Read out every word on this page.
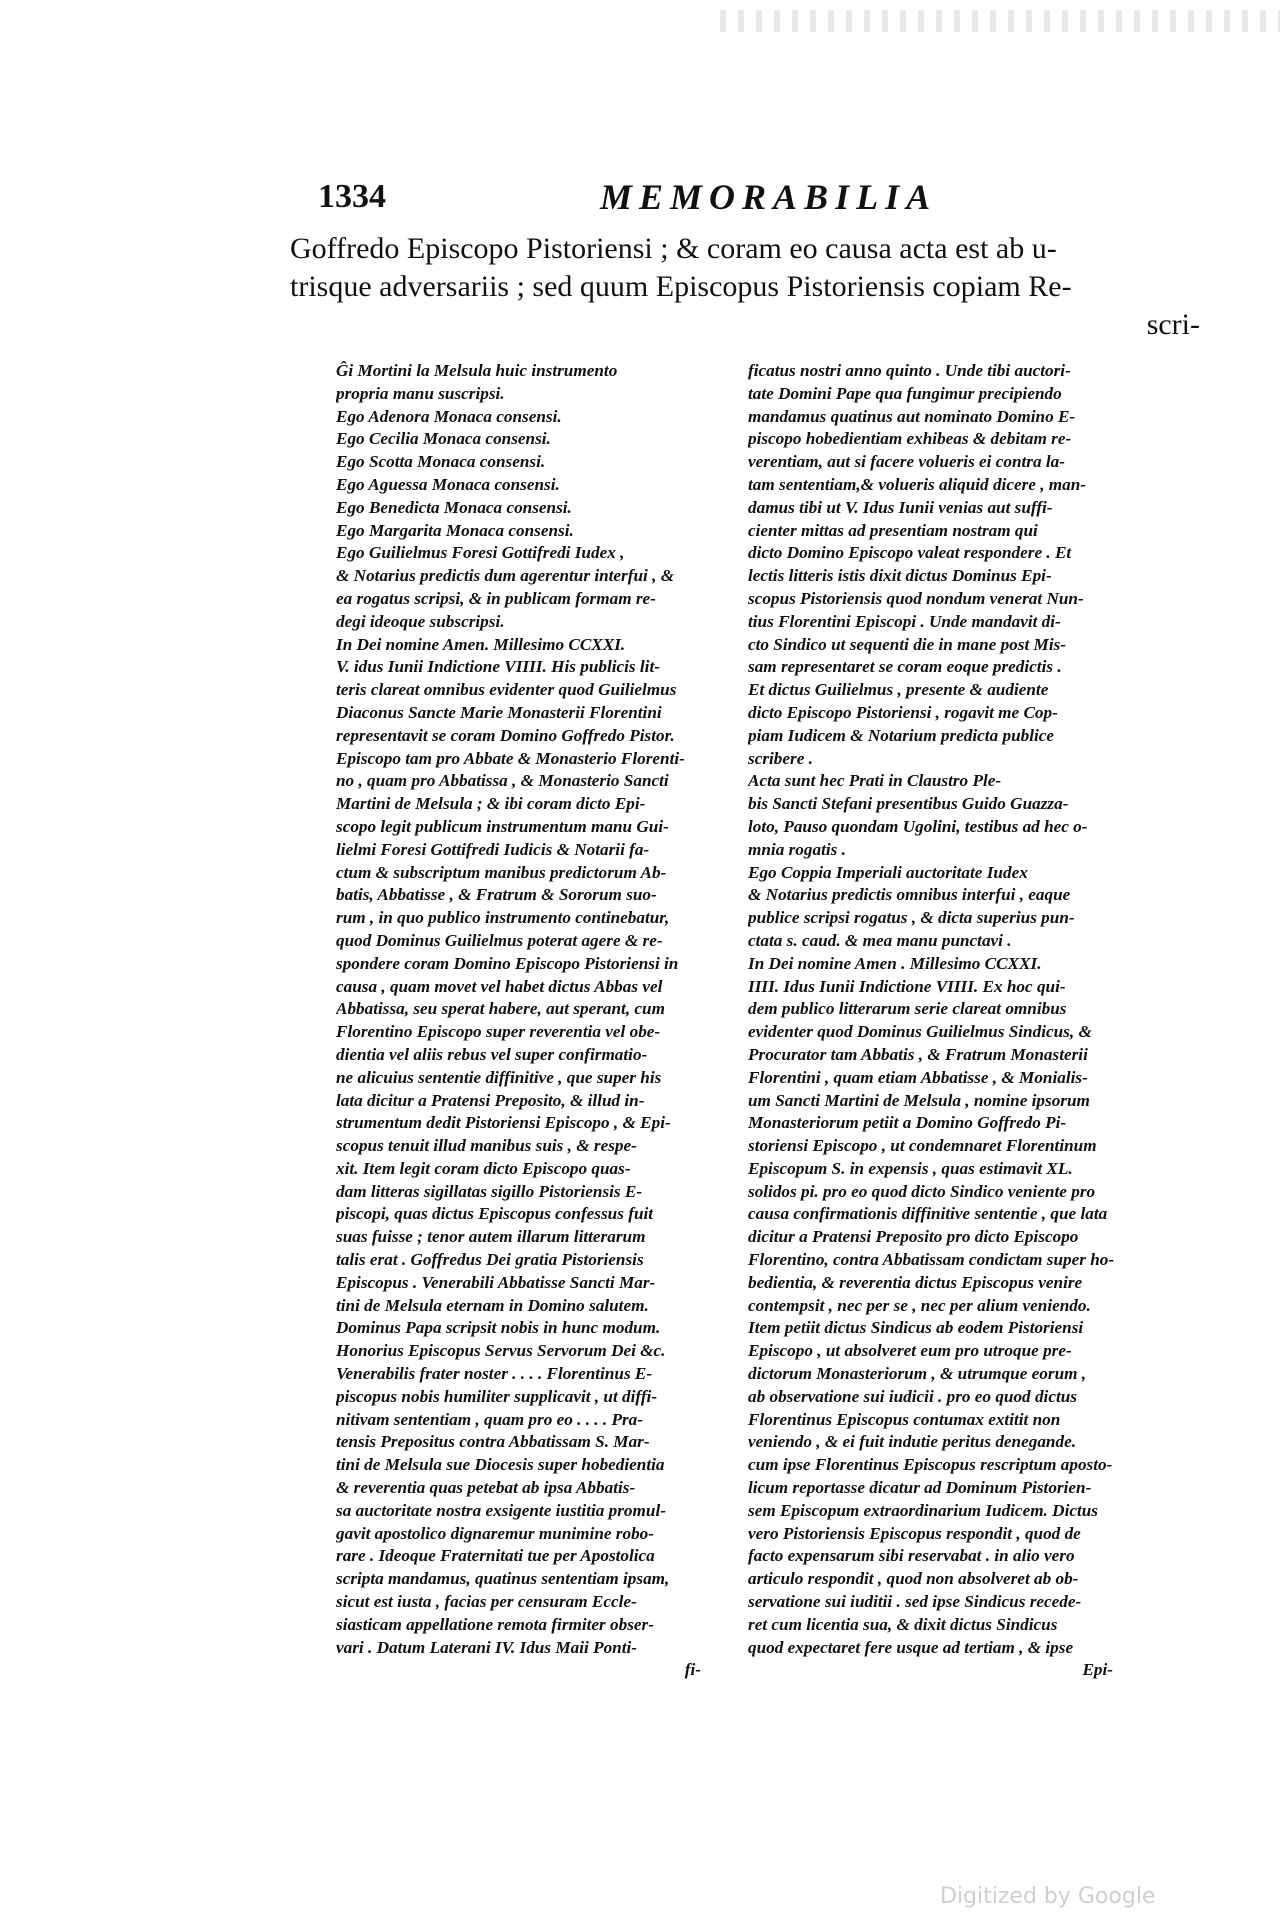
1334	MEMORABILIA
Goffredo Episcopo Pistoriensi ; & coram eo causa acta est ab u-
trisque adversariis ; sed quum Episcopus Pistoriensis copiam Re-
scri-
Ĝi Mortini la Melsula huic instrumento
propria manu suscripsi.
Ego Adenora Monaca consensi.
Ego Cecilia Monaca consensi.
Ego Scotta Monaca consensi.
Ego Aguessa Monaca consensi.
Ego Benedicta Monaca consensi.
Ego Margarita Monaca consensi.
Ego Guilielmus Foresi Gottifredi Iudex ,
& Notarius predictis dum agerentur interfui , &
ea rogatus scripsi, & in publicam formam re-
degi ideoque subscripsi.
In Dei nomine Amen. Millesimo CCXXI.
V. idus Iunii Indictione VIIII. His publicis lit-
teris clareat omnibus evidenter quod Guilielmus
Diaconus Sancte Marie Monasterii Florentini
representavit se coram Domino Goffredo Pistor.
Episcopo tam pro Abbate & Monasterio Florenti-
no , quam pro Abbatissa , & Monasterio Sancti
Martini de Melsula ; & ibi coram dicto Epi-
scopo legit publicum instrumentum manu Gui-
lielmi Foresi Gottifredi Iudicis & Notarii fa-
ctum & subscriptum manibus predictorum Ab-
batis, Abbatisse , & Fratrum & Sororum suo-
rum , in quo publico instrumento continebatur,
quod Dominus Guilielmus poterat agere & re-
spondere coram Domino Episcopo Pistoriensi in
causa , quam movet vel habet dictus Abbas vel
Abbatissa, seu sperat habere, aut sperant, cum
Florentino Episcopo super reverentia vel obe-
dientia vel aliis rebus vel super confirmatio-
ne alicuius sententie diffinitive , que super his
lata dicitur a Pratensi Preposito, & illud in-
strumentum dedit Pistoriensi Episcopo , & Epi-
scopus tenuit illud manibus suis , & respe-
xit. Item legit coram dicto Episcopo quas-
dam litteras sigillatas sigillo Pistoriensis E-
piscopi, quas dictus Episcopus confessus fuit
suas fuisse ; tenor autem illarum litterarum
talis erat . Goffredus Dei gratia Pistoriensis
Episcopus . Venerabili Abbatisse Sancti Mar-
tini de Melsula eternam in Domino salutem.
Dominus Papa scripsit nobis in hunc modum.
Honorius Episcopus Servus Servorum Dei &c.
Venerabilis frater noster . . . . Florentinus E-
piscopus nobis humiliter supplicavit , ut diffi-
nitivam sententiam , quam pro eo . . . . Pra-
tensis Prepositus contra Abbatissam S. Mar-
tini de Melsula sue Diocesis super hobedientia
& reverentia quas petebat ab ipsa Abbatis-
sa auctoritate nostra exsigente iustitia promul-
gavit apostolico dignaremur munimine robo-
rare . Ideoque Fraternitati tue per Apostolica
scripta mandamus, quatinus sententiam ipsam,
sicut est iusta , facias per censuram Eccle-
siasticam appellatione remota firmiter obser-
vari . Datum Laterani IV. Idus Maii Ponti-
fi-
ficatus nostri anno quinto . Unde tibi auctori-
tate Domini Pape qua fungimur precipiendo
mandamus quatinus aut nominato Domino E-
piscopo hobedientiam exhibeas & debitam re-
verentiam, aut si facere volueris ei contra la-
tam sententiam,& volueris aliquid dicere , man-
damus tibi ut V. Idus Iunii venias aut suffi-
cienter mittas ad presentiam nostram qui
dicto Domino Episcopo valeat respondere . Et
lectis litteris istis dixit dictus Dominus Epi-
scopus Pistoriensis quod nondum venerat Nun-
tius Florentini Episcopi . Unde mandavit di-
cto Sindico ut sequenti die in mane post Mis-
sam representaret se coram eoque predictis .
Et dictus Guilielmus , presente & audiente
dicto Episcopo Pistoriensi , rogavit me Cop-
piam Iudicem & Notarium predicta publice
scribere .
Acta sunt hec Prati in Claustro Ple-
bis Sancti Stefani presentibus Guido Guazza-
loto, Pauso quondam Ugolini, testibus ad hec o-
mnia rogatis .
Ego Coppia Imperiali auctoritate Iudex
& Notarius predictis omnibus interfui , eaque
publice scripsi rogatus , & dicta superius pun-
ctata s. caud. & mea manu punctavi .
In Dei nomine Amen . Millesimo CCXXI.
IIII. Idus Iunii Indictione VIIII. Ex hoc qui-
dem publico litterarum serie clareat omnibus
evidenter quod Dominus Guilielmus Sindicus, &
Procurator tam Abbatis , & Fratrum Monasterii
Florentini , quam etiam Abbatisse , & Monialis-
um Sancti Martini de Melsula , nomine ipsorum
Monasteriorum petiit a Domino Goffredo Pi-
storiensi Episcopo , ut condemnaret Florentinum
Episcopum S. in expensis , quas estimavit XL.
solidos pi. pro eo quod dicto Sindico veniente pro
causa confirmationis diffinitive sententie , que lata
dicitur a Pratensi Preposito pro dicto Episcopo
Florentino, contra Abbatissam condictam super ho-
bedientia, & reverentia dictus Episcopus venire
contempsit , nec per se , nec per alium veniendo.
Item petiit dictus Sindicus ab eodem Pistoriensi
Episcopo , ut absolveret eum pro utroque pre-
dictorum Monasteriorum , & utrumque eorum ,
ab observatione sui iudicii . pro eo quod dictus
Florentinus Episcopus contumax extitit non
veniendo , & ei fuit indutie peritus denegande.
cum ipse Florentinus Episcopus rescriptum aposto-
licum reportasse dicatur ad Dominum Pistorien-
sem Episcopum extraordinarium Iudicem. Dictus
vero Pistoriensis Episcopus respondit , quod de
facto expensarum sibi reservabat . in alio vero
articulo respondit , quod non absolveret ab ob-
servatione sui iuditii . sed ipse Sindicus recede-
ret cum licentia sua, & dixit dictus Sindicus
quod expectaret fere usque ad tertiam , & ipse
Epi-
Digitized by Google
